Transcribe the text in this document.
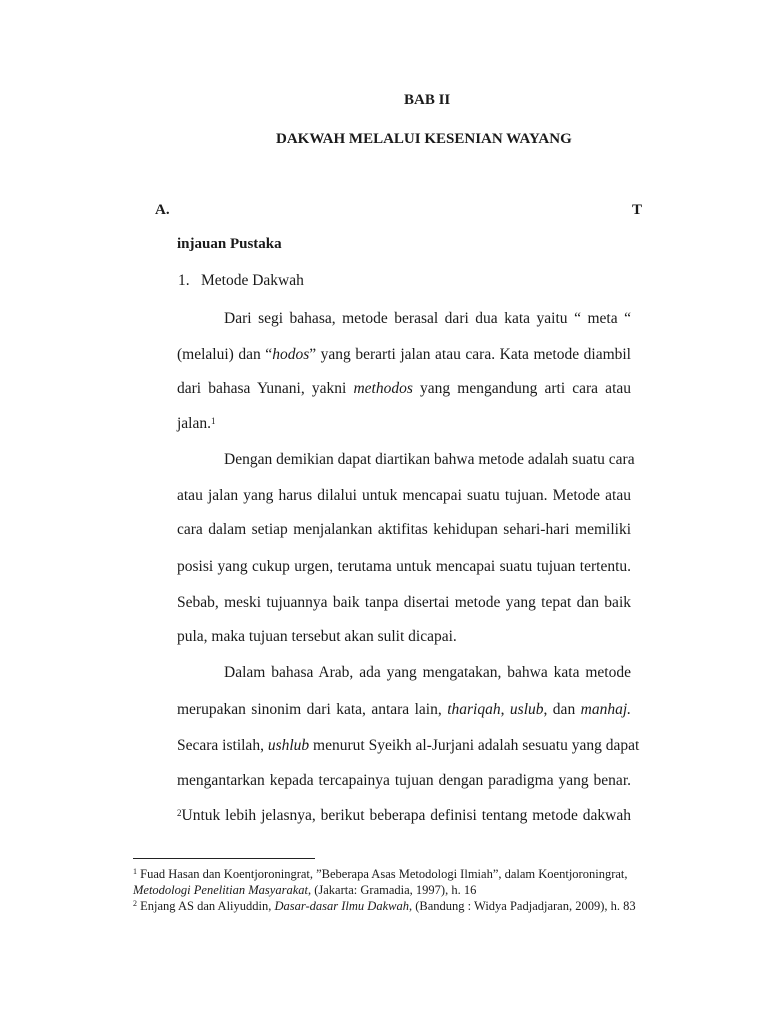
BAB II
DAKWAH MELALUI KESENIAN WAYANG
A.	T
injauan Pustaka
1. Metode Dakwah
Dari segi bahasa, metode berasal dari dua kata yaitu “ meta “
(melalui) dan “hodos” yang berarti jalan atau cara. Kata metode diambil
dari bahasa Yunani, yakni methodos yang mengandung arti cara atau
jalan.$^1$
Dengan demikian dapat diartikan bahwa metode adalah suatu cara
atau jalan yang harus dilalui untuk mencapai suatu tujuan. Metode atau
cara dalam setiap menjalankan aktifitas kehidupan sehari-hari memiliki
posisi yang cukup urgen, terutama untuk mencapai suatu tujuan tertentu.
Sebab, meski tujuannya baik tanpa disertai metode yang tepat dan baik
pula, maka tujuan tersebut akan sulit dicapai.
Dalam bahasa Arab, ada yang mengatakan, bahwa kata metode
merupakan sinonim dari kata, antara lain, thariqah, uslub, dan manhaj.
Secara istilah, ushlub menurut Syeikh al-Jurjani adalah sesuatu yang dapat
mengantarkan kepada tercapainya tujuan dengan paradigma yang benar.
$^2$Untuk lebih jelasnya, berikut beberapa definisi tentang metode dakwah
$^1$ Fuad Hasan dan Koentjoroningrat, ”Beberapa Asas Metodologi Ilmiah”, dalam Koentjoroningrat,
Metodologi Penelitian Masyarakat, (Jakarta: Gramadia, 1997), h. 16
$^2$ Enjang AS dan Aliyuddin, Dasar-dasar Ilmu Dakwah, (Bandung : Widya Padjadjaran, 2009), h. 83
